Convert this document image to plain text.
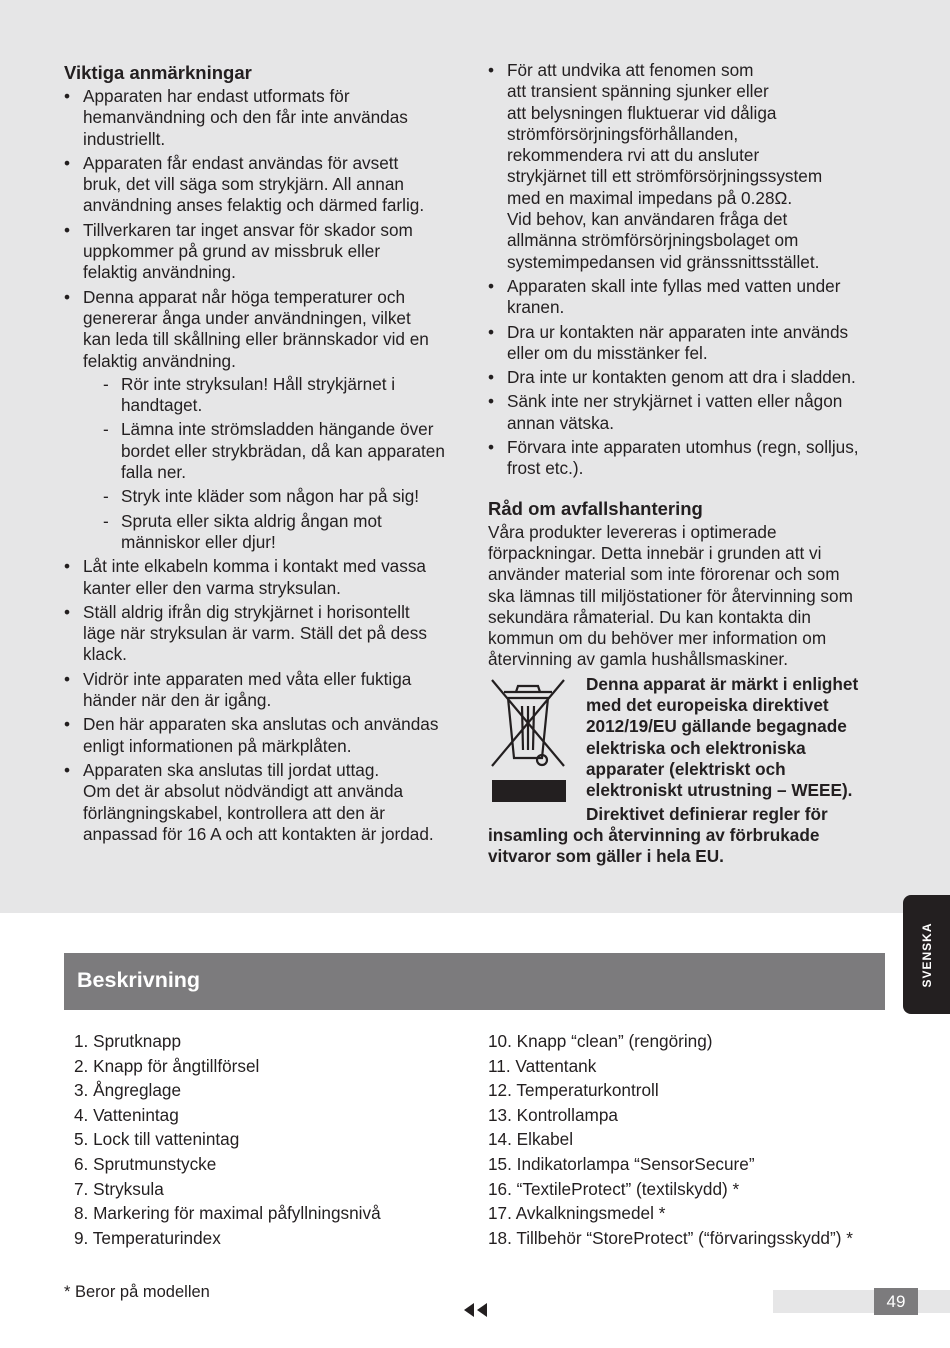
Viktiga anmärkningar
• Apparaten har endast utformats för
hemanvändning och den får inte användas
industriellt.
• Apparaten får endast användas för avsett
bruk, det vill säga som strykjärn. All annan
användning anses felaktig och därmed farlig.
• Tillverkaren tar inget ansvar för skador som
uppkommer på grund av missbruk eller
felaktig användning.
• Denna apparat når höga temperaturer och
genererar ånga under användningen, vilket
kan leda till skållning eller brännskador vid en
felaktig användning.
- Rör inte stryksulan! Håll strykjärnet i
handtaget.
- Lämna inte strömsladden hängande över
bordet eller strykbrädan, då kan apparaten
falla ner.
- Stryk inte kläder som någon har på sig!
- Spruta eller sikta aldrig ångan mot
människor eller djur!
• Låt inte elkabeln komma i kontakt med vassa
kanter eller den varma stryksulan.
• Ställ aldrig ifrån dig strykjärnet i horisontellt
läge när stryksulan är varm. Ställ det på dess
klack.
• Vidrör inte apparaten med våta eller fuktiga
händer när den är igång.
• Den här apparaten ska anslutas och användas
enligt informationen på märkplåten.
• Apparaten ska anslutas till jordat uttag.
Om det är absolut nödvändigt att använda
förlängningskabel, kontrollera att den är
anpassad för 16 A och att kontakten är jordad.
• För att undvika att fenomen som
att transient spänning sjunker eller
att belysningen fluktuerar vid dåliga
strömförsörjningsförhållanden,
rekommendera rvi att du ansluter
strykjärnet till ett strömförsörjningssystem
med en maximal impedans på 0.28Ω.
Vid behov, kan användaren fråga det
allmänna strömförsörjningsbolaget om
systemimpedansen vid gränssnittsstället.
• Apparaten skall inte fyllas med vatten under
kranen.
• Dra ur kontakten när apparaten inte används
eller om du misstänker fel.
• Dra inte ur kontakten genom att dra i sladden.
• Sänk inte ner strykjärnet i vatten eller någon
annan vätska.
• Förvara inte apparaten utomhus (regn, solljus,
frost etc.).
Råd om avfallshantering
Våra produkter levereras i optimerade
förpackningar. Detta innebär i grunden att vi
använder material som inte förorenar och som
ska lämnas till miljöstationer för återvinning som
sekundära råmaterial. Du kan kontakta din
kommun om du behöver mer information om
återvinning av gamla hushållsmaskiner.
Denna apparat är märkt i enlighet
med det europeiska direktivet
2012/19/EU gällande begagnade
elektriska och elektroniska
apparater (elektriskt och
elektroniskt utrustning – WEEE).
Direktivet definierar regler för
insamling och återvinning av förbrukade
vitvaror som gäller i hela EU.
SVENSKA
Beskrivning
1. Sprutknapp
2. Knapp för ångtillförsel
3. Ångreglage
4. Vattenintag
5. Lock till vattenintag
6. Sprutmunstycke
7. Stryksula
8. Markering för maximal påfyllningsnivå
9. Temperaturindex
10. Knapp “clean” (rengöring)
11. Vattentank
12. Temperaturkontroll
13. Kontrollampa
14. Elkabel
15. Indikatorlampa “SensorSecure”
16. “TextileProtect” (textilskydd) *
17. Avkalkningsmedel *
18. Tillbehör “StoreProtect” (“förvaringsskydd”) *
* Beror på modellen	49
